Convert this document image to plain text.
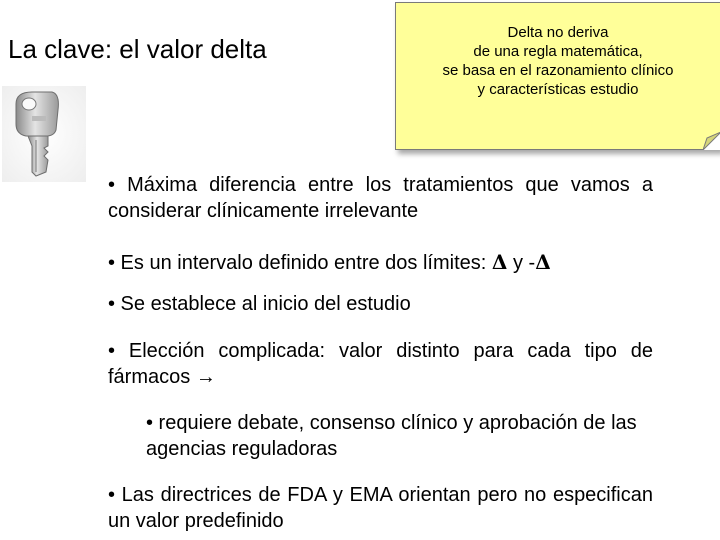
La clave: el valor delta
Delta no deriva
de una regla matemática,
se basa en el razonamiento clínico
y características estudio
• Máxima diferencia entre los tratamientos que vamos a considerar clínicamente irrelevante
• Es un intervalo definido entre dos límites: Δ y -Δ
• Se establece al inicio del estudio
• Elección complicada: valor distinto para cada tipo de fármacos →
• requiere debate, consenso clínico y aprobación de las agencias reguladoras
• Las directrices de FDA y EMA orientan pero no especifican un valor predefinido
